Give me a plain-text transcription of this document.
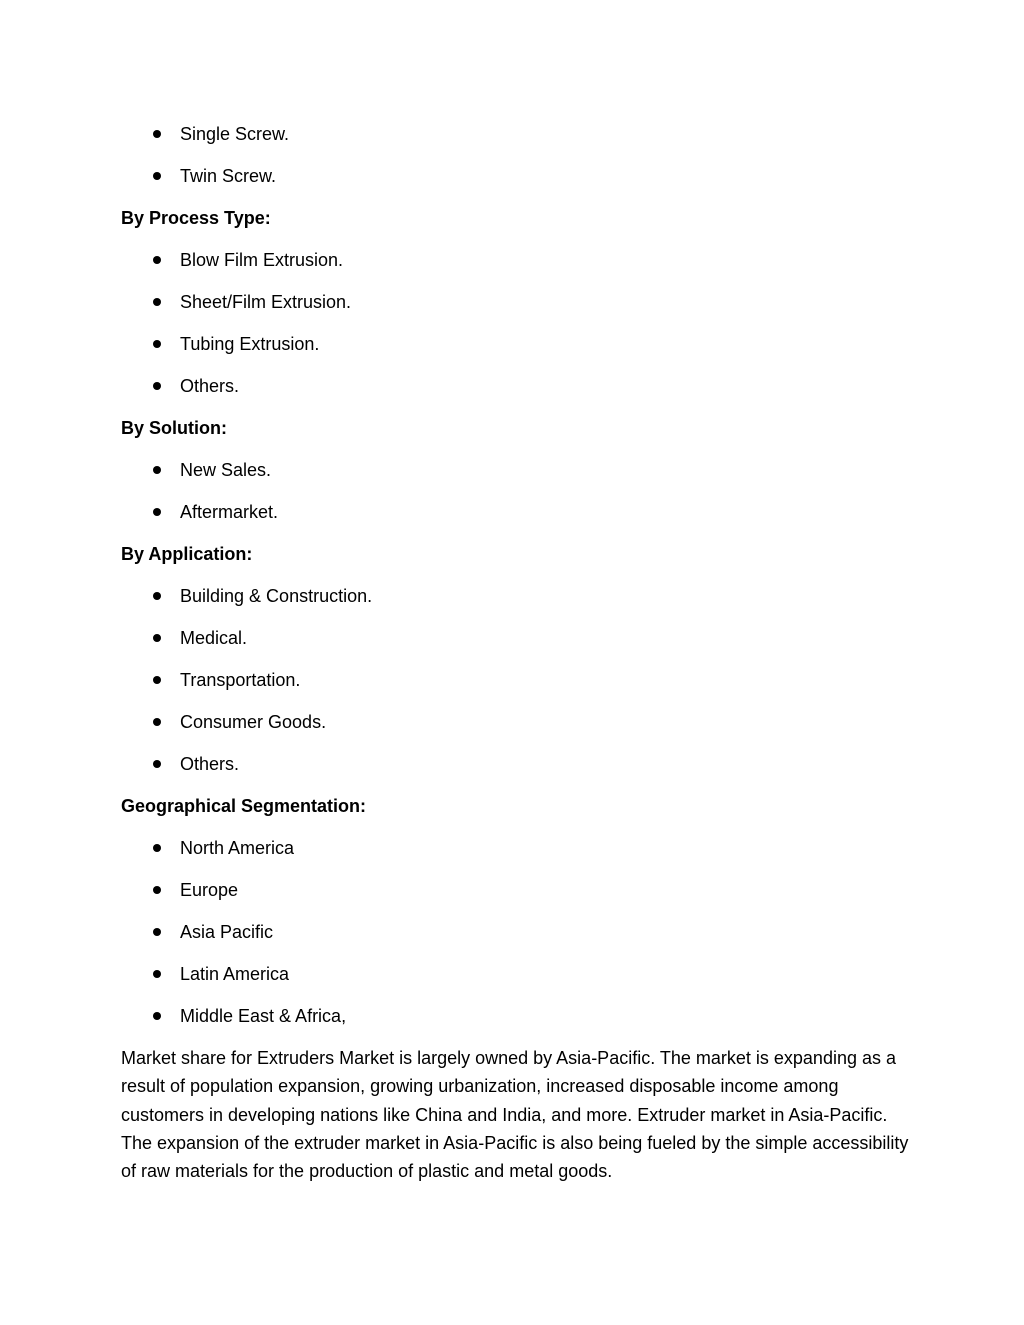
Single Screw.
Twin Screw.

By Process Type:

Blow Film Extrusion.
Sheet/Film Extrusion.
Tubing Extrusion.
Others.

By Solution:

New Sales.
Aftermarket.

By Application:

Building & Construction.
Medical.
Transportation.
Consumer Goods.
Others.

Geographical Segmentation:

North America
Europe
Asia Pacific
Latin America
Middle East & Africa,

Market share for Extruders Market is largely owned by Asia-Pacific. The market is expanding as a result of population expansion, growing urbanization, increased disposable income among customers in developing nations like China and India, and more. Extruder market in Asia-Pacific. The expansion of the extruder market in Asia-Pacific is also being fueled by the simple accessibility of raw materials for the production of plastic and metal goods.
